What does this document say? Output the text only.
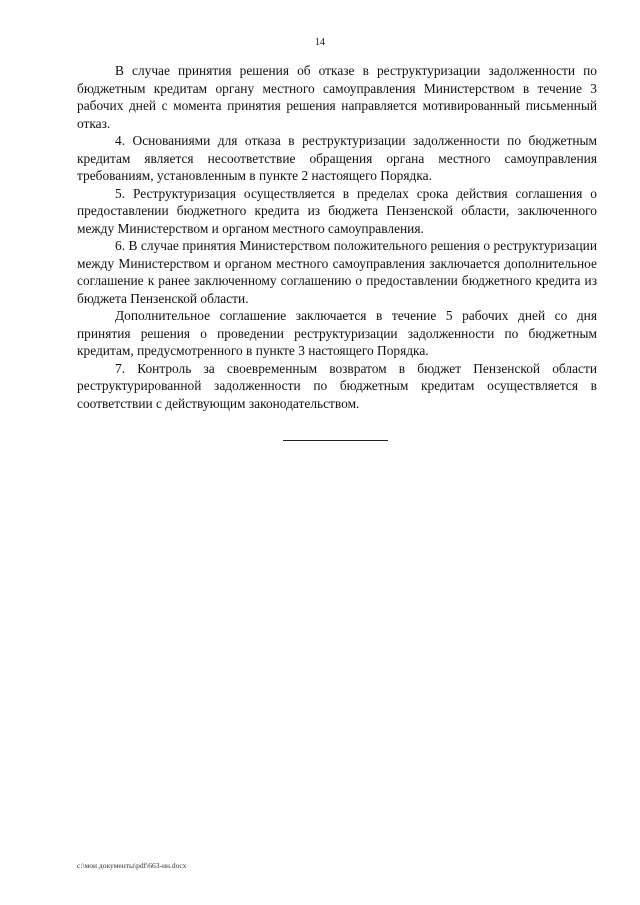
14

В случае принятия решения об отказе в реструктуризации задолженности по бюджетным кредитам органу местного самоуправления Министерством в течение 3 рабочих дней с момента принятия решения направляется мотивированный письменный отказ.

4. Основаниями для отказа в реструктуризации задолженности по бюджетным кредитам является несоответствие обращения органа местного самоуправления требованиям, установленным в пункте 2 настоящего Порядка.

5. Реструктуризация осуществляется в пределах срока действия соглашения о предоставлении бюджетного кредита из бюджета Пензенской области, заключенного между Министерством и органом местного самоуправления.

6. В случае принятия Министерством положительного решения о реструктуризации между Министерством и органом местного самоуправления заключается дополнительное соглашение к ранее заключенному соглашению о предоставлении бюджетного кредита из бюджета Пензенской области.

Дополнительное соглашение заключается в течение 5 рабочих дней со дня принятия решения о проведении реструктуризации задолженности по бюджетным кредитам, предусмотренного в пункте 3 настоящего Порядка.

7. Контроль за своевременным возвратом в бюджет Пензенской области реструктурированной задолженности по бюджетным кредитам осуществляется в соответствии с действующим законодательством.

c:\мои документы\pdf\663-ин.docx
